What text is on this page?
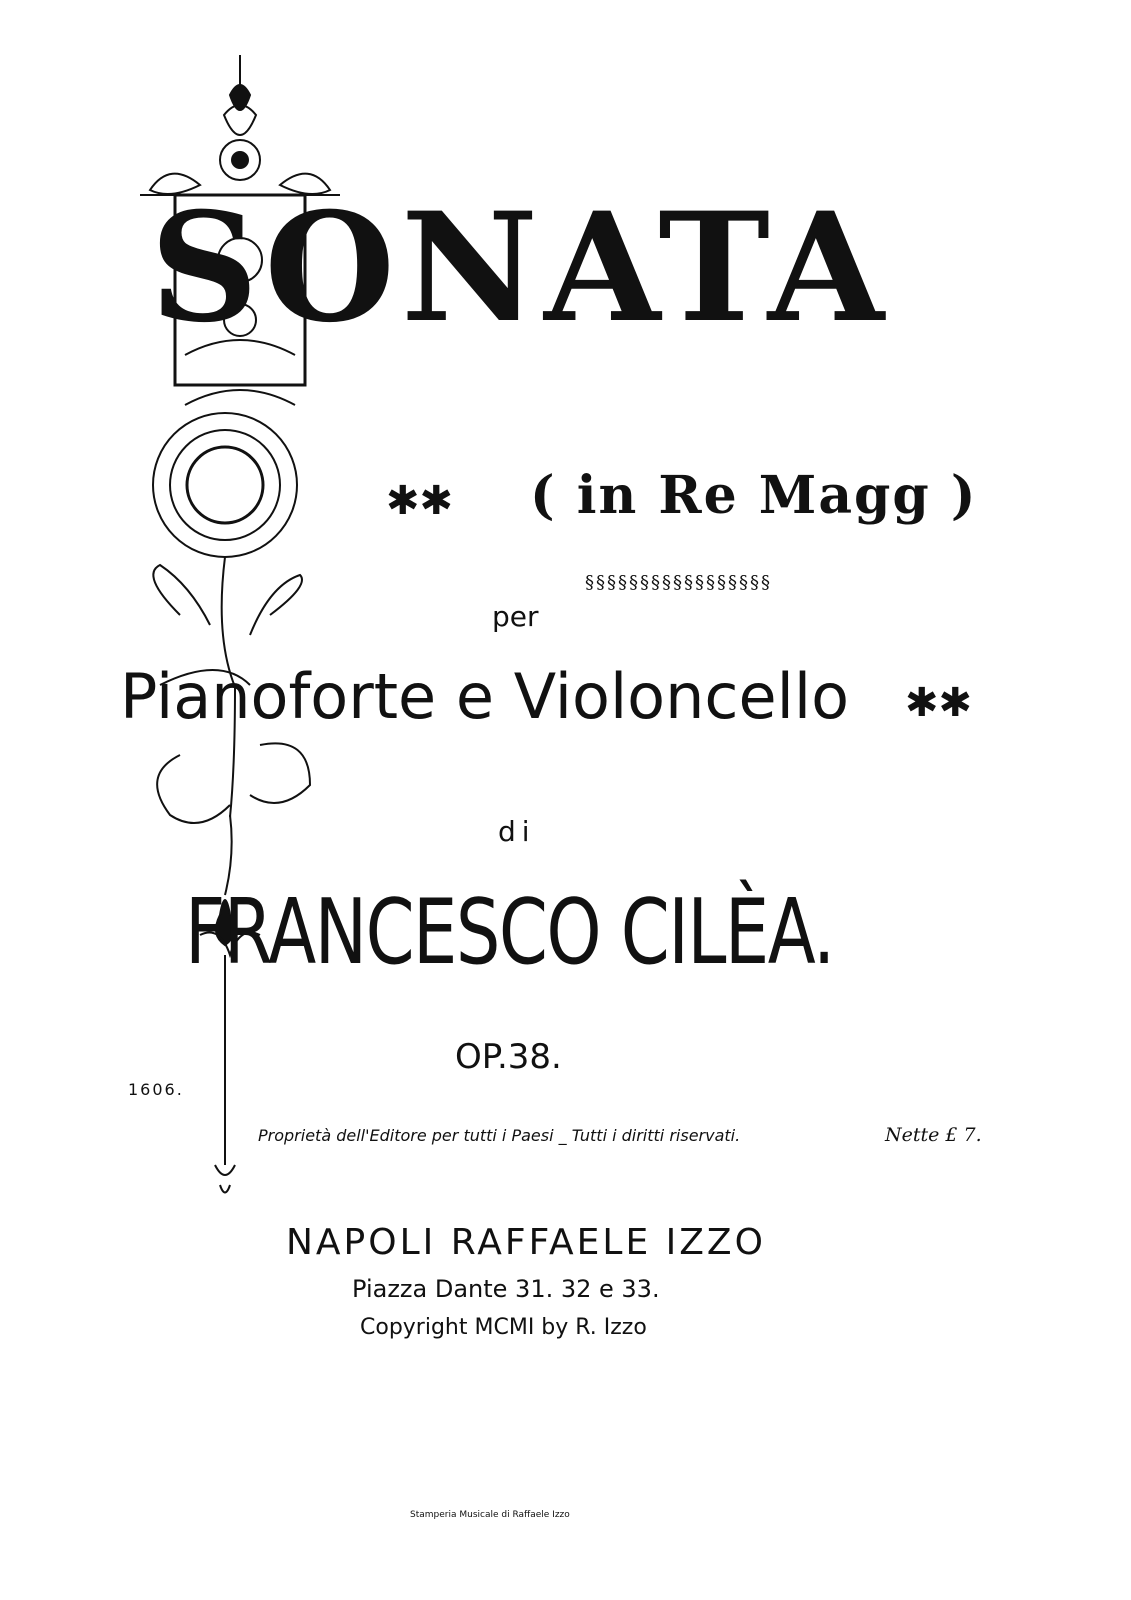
SONATA
✱✱ ( in Re Magg )
§§§§§§§§§§§§§§§§§
per
Pianoforte e Violoncello ✱✱
di
FRANCESCO CILÈA.
OP.38.
1606.
Proprietà dell'Editore per tutti i Paesi _ Tutti i diritti riservati.	Nette £ 7.
NAPOLI RAFFAELE IZZO
Piazza Dante 31. 32 e 33.
Copyright MCMI by R. Izzo
Stamperia Musicale di Raffaele Izzo
